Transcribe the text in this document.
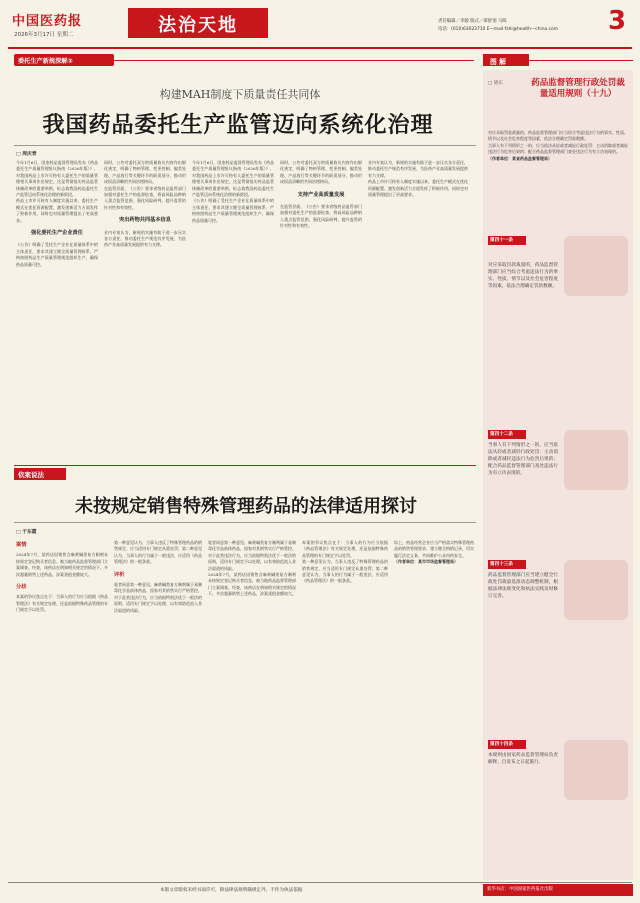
中国医药报
2026年3月17日 星期二	法治天地	责任编辑／李骏 版式／谭舒翎 马晖
电话：(010)63023710 E—mail:fzhi@health—china.com 3
委托生产新规深解③	图 解
构建MAH制度下质量责任共同体
我国药品委托生产监管迈向系统化治理
□ 周庆青
今年1月6日，国家药品监督管理局发布《药品委托生产质量管理协议指南（2026年版）》，对我国药品上市许可持有人委托生产的质量管理相关事项作出规定。这是贯彻落实药品监管体制改革的重要举措，标志着我国药品委托生产监管迈向系统化治理的新阶段。
药品上市许可持有人制度实施以来，委托生产模式在优化资源配置、激发创新活力方面发挥了积极作用，同时也对质量管理提出了更高要求。
强化委托生产企业责任
《公告》明确了受托生产企业在质量体系中的主体责任，要求其建立健全质量管理体系，严格按照药品生产质量管理规范组织生产，确保药品质量可控。
同时，公告对委托双方的质量协议内容作出细化规定，明确了物料管理、变更控制、偏差处理、产品放行等关键环节的职责划分，推动形成权责清晰的共同治理格局。
在监管层面，《公告》要求省级药品监管部门加强对委托生产的监督检查，将高风险品种纳入重点监管范围，强化风险研判，提升监管的针对性和有效性。
突出药物共同基本信息
业内专家认为，新规的实施有助于进一步压实各方责任，推动委托生产规范有序发展，为医药产业高质量发展提供有力支撑。
今年1月6日，国家药品监督管理局发布《药品委托生产质量管理协议指南（2026年版）》，对我国药品上市许可持有人委托生产的质量管理相关事项作出规定。这是贯彻落实药品监管体制改革的重要举措，标志着我国药品委托生产监管迈向系统化治理的新阶段。
《公告》明确了受托生产企业在质量体系中的主体责任，要求其建立健全质量管理体系，严格按照药品生产质量管理规范组织生产，确保药品质量可控。
同时，公告对委托双方的质量协议内容作出细化规定，明确了物料管理、变更控制、偏差处理、产品放行等关键环节的职责划分，推动形成权责清晰的共同治理格局。
支持产业高质量发展
在监管层面，《公告》要求省级药品监管部门加强对委托生产的监督检查，将高风险品种纳入重点监管范围，强化风险研判，提升监管的针对性和有效性。
业内专家认为，新规的实施有助于进一步压实各方责任，推动委托生产规范有序发展，为医药产业高质量发展提供有力支撑。
药品上市许可持有人制度实施以来，委托生产模式在优化资源配置、激发创新活力方面发挥了积极作用，同时也对质量管理提出了更高要求。
依案说法
未按规定销售特殊管理药品的法律适用探讨
□ 于东霞
案情
2024年7月，某药店因销售含麻黄碱类复方制剂未按规定登记购买者信息，被当地药品监督管理部门立案调查。经查，该药店在明知相关规定的情况下，多次超量销售上述药品，涉案货值金额较大。
分歧
本案的争议焦点在于：当事人的行为应当依据《药品管理法》有关规定处理，还是依据特殊药品管理的专门规定予以处罚。
第一种意见认为，当事人违反了特殊管理药品的销售规定，应当适用专门规定从重处罚；第二种意见认为，当事人的行为属于一般违法，应适用《药品管理法》的一般条款。
评析
笔者同意第一种意见。麻黄碱类复方制剂属于易制毒化学品前体药品，国家对其销售实行严格管控。对于此类违法行为，应当依据特别法优于一般法的原则，适用专门规定予以处理，以有效防范流入非法渠道的风险。
笔者同意第一种意见。麻黄碱类复方制剂属于易制毒化学品前体药品，国家对其销售实行严格管控。对于此类违法行为，应当依据特别法优于一般法的原则，适用专门规定予以处理，以有效防范流入非法渠道的风险。
2024年7月，某药店因销售含麻黄碱类复方制剂未按规定登记购买者信息，被当地药品监督管理部门立案调查。经查，该药店在明知相关规定的情况下，多次超量销售上述药品，涉案货值金额较大。
本案的争议焦点在于：当事人的行为应当依据《药品管理法》有关规定处理，还是依据特殊药品管理的专门规定予以处罚。
第一种意见认为，当事人违反了特殊管理药品的销售规定，应当适用专门规定从重处罚；第二种意见认为，当事人的行为属于一般违法，应适用《药品管理法》的一般条款。
综上，药品经营企业应当严格落实特殊管理药品的销售管理要求，建立健全购销记录，切实履行法定义务，共同维护公众用药安全。
（作者单位：某市市场监督管理局）
药品监督管理行政处罚裁量适用规则（十九）
□ 晓东
对应采取罚款裁量的，药品监督管理部门应当综合考虑违法行为的事实、性质、情节以及社会危害程度等因素，依法合理确定罚款数额。
当事人有下列情形之一的，应当依法从轻或者减轻行政处罚：主动消除或者减轻违法行为危害后果的；配合药品监督管理部门查处违法行为有立功表现的。
（作者单位：某省药品监督管理局）
第四十一条
对应采取罚款裁量的，药品监督管理部门应当综合考虑违法行为的事实、性质、情节以及社会危害程度等因素，依法合理确定罚款数额。
第四十二条
当事人有下列情形之一的，应当依法从轻或者减轻行政处罚：主动消除或者减轻违法行为危害后果的；配合药品监督管理部门查处违法行为有立功表现的。
第四十三条
药品监督管理部门应当建立健全行政处罚裁量基准动态调整机制，根据法律法规变化和执法实践及时修订完善。
第四十四条
本规则由国家药品监督管理局负责解释，自发布之日起施行。
本版文章版权未经书面许可，除法律法规明确规定外，不作为执法依据	新华书店：中国国家医药报社出版
